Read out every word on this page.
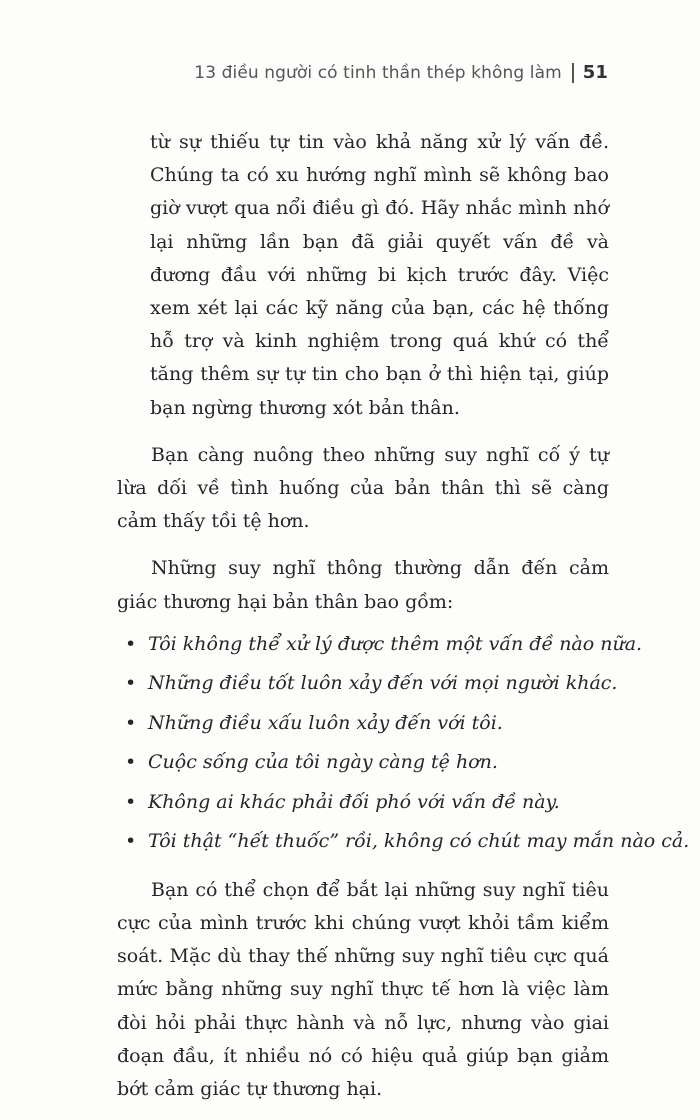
13 điều người có tinh thần thép không làm 51

từ sự thiếu tự tin vào khả năng xử lý vấn đề. Chúng ta có xu hướng nghĩ mình sẽ không bao giờ vượt qua nổi điều gì đó. Hãy nhắc mình nhớ lại những lần bạn đã giải quyết vấn đề và đương đầu với những bi kịch trước đây. Việc xem xét lại các kỹ năng của bạn, các hệ thống hỗ trợ và kinh nghiệm trong quá khứ có thể tăng thêm sự tự tin cho bạn ở thì hiện tại, giúp bạn ngừng thương xót bản thân.

Bạn càng nuông theo những suy nghĩ cố ý tự lừa dối về tình huống của bản thân thì sẽ càng cảm thấy tồi tệ hơn.

Những suy nghĩ thông thường dẫn đến cảm giác thương hại bản thân bao gồm:

• Tôi không thể xử lý được thêm một vấn đề nào nữa.
• Những điều tốt luôn xảy đến với mọi người khác.
• Những điều xấu luôn xảy đến với tôi.
• Cuộc sống của tôi ngày càng tệ hơn.
• Không ai khác phải đối phó với vấn đề này.
• Tôi thật “hết thuốc” rồi, không có chút may mắn nào cả.

Bạn có thể chọn để bắt lại những suy nghĩ tiêu cực của mình trước khi chúng vượt khỏi tầm kiểm soát. Mặc dù thay thế những suy nghĩ tiêu cực quá mức bằng những suy nghĩ thực tế hơn là việc làm đòi hỏi phải thực hành và nỗ lực, nhưng vào giai đoạn đầu, ít nhiều nó có hiệu quả giúp bạn giảm bớt cảm giác tự thương hại.
